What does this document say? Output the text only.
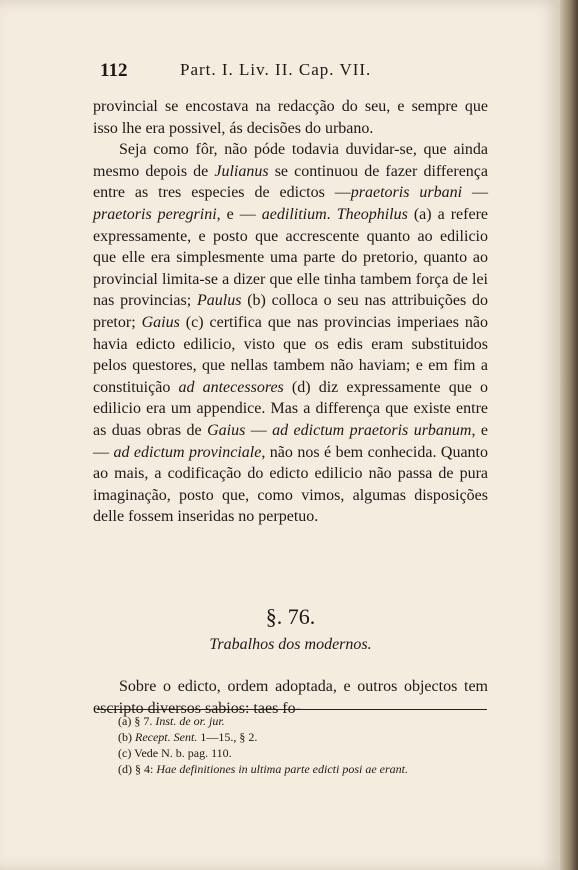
112	Part. I. Liv. II. Cap. VII.

provincial se encostava na redacção do seu, e sempre que isso lhe era possivel, ás decisões do urbano.

Seja como fôr, não póde todavia duvidar-se, que ainda mesmo depois de Julianus se continuou de fazer differença entre as tres especies de edictos —praetoris urbani —praetoris peregrini, e — aedilitium. Theophilus (a) a refere expressamente, e posto que accrescente quanto ao edilicio que elle era simplesmente uma parte do pretorio, quanto ao provincial limita-se a dizer que elle tinha tambem força de lei nas provincias; Paulus (b) colloca o seu nas attribuições do pretor; Gaius (c) certifica que nas provincias imperiaes não havia edicto edilicio, visto que os edis eram substituidos pelos questores, que nellas tambem não haviam; e em fim a constituição ad antecessores (d) diz expressamente que o edilicio era um appendice. Mas a differença que existe entre as duas obras de Gaius — ad edictum praetoris urbanum, e — ad edictum provinciale, não nos é bem conhecida. Quanto ao mais, a codificação do edicto edilicio não passa de pura imaginação, posto que, como vimos, algumas disposições delle fossem inseridas no perpetuo.

§. 76.
Trabalhos dos modernos.

Sobre o edicto, ordem adoptada, e outros objectos tem escripto diversos sabios: taes fo-

(a) § 7. Inst. de or. jur.
(b) Recept. Sent. 1—15., § 2.
(c) Vede N. b. pag. 110.
(d) § 4: Hae definitiones in ultima parte edicti posi ae erant.
